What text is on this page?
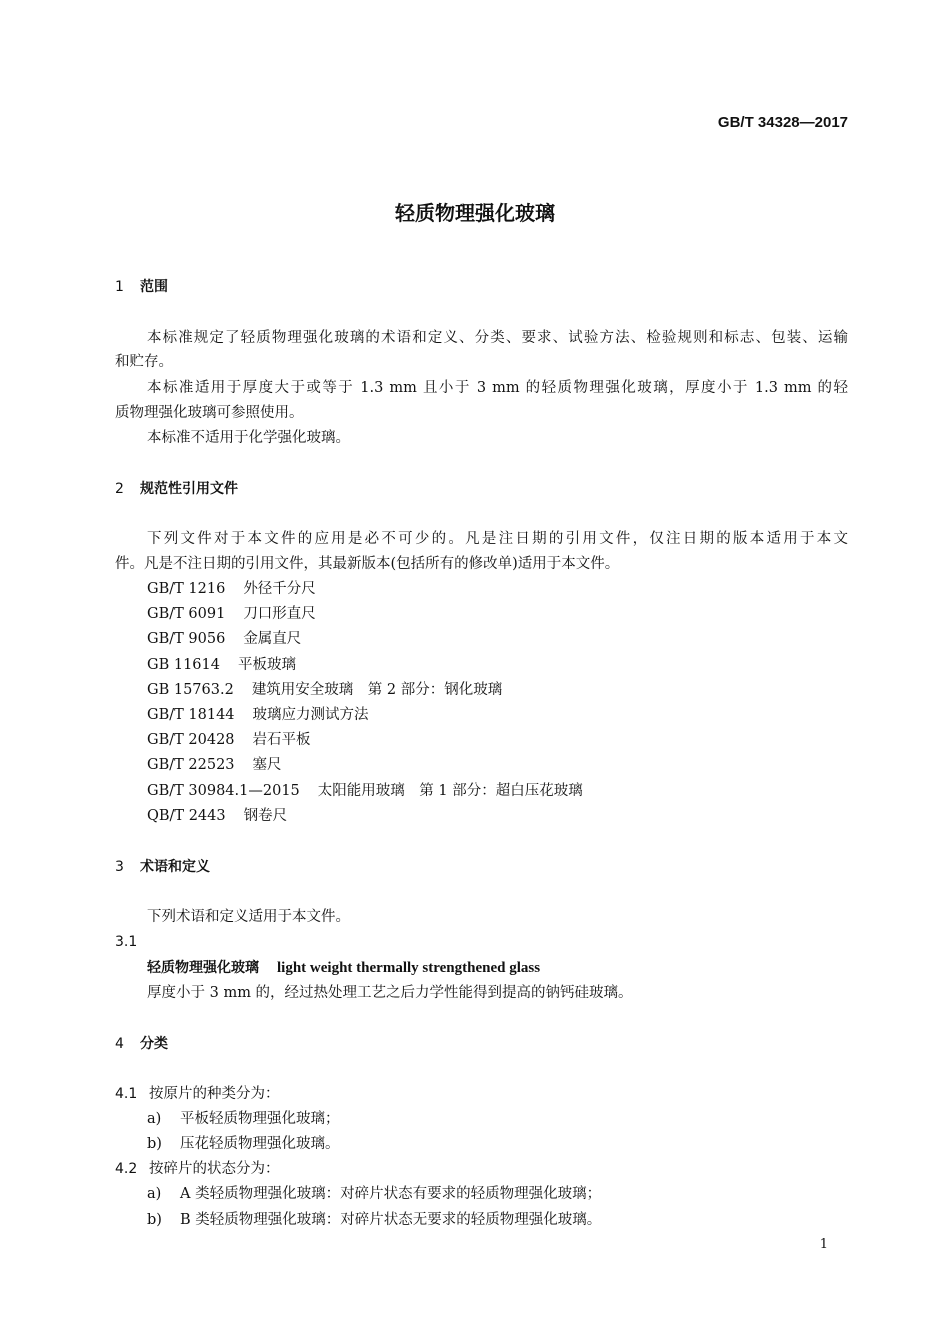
GB/T 34328—2017
轻质物理强化玻璃
1 范围
本标准规定了轻质物理强化玻璃的术语和定义、分类、要求、试验方法、检验规则和标志、包装、运输
和贮存。
本标准适用于厚度大于或等于 1.3 mm 且小于 3 mm 的轻质物理强化玻璃，厚度小于 1.3 mm 的轻
质物理强化玻璃可参照使用。
本标准不适用于化学强化玻璃。
2 规范性引用文件
下列文件对于本文件的应用是必不可少的。凡是注日期的引用文件，仅注日期的版本适用于本文
件。凡是不注日期的引用文件，其最新版本(包括所有的修改单)适用于本文件。
GB/T 1216 外径千分尺
GB/T 6091 刀口形直尺
GB/T 9056 金属直尺
GB 11614 平板玻璃
GB 15763.2 建筑用安全玻璃　第 2 部分：钢化玻璃
GB/T 18144 玻璃应力测试方法
GB/T 20428 岩石平板
GB/T 22523 塞尺
GB/T 30984.1—2015 太阳能用玻璃　第 1 部分：超白压花玻璃
QB/T 2443 钢卷尺
3 术语和定义
下列术语和定义适用于本文件。
3.1
轻质物理强化玻璃 light weight thermally strengthened glass
厚度小于 3 mm 的，经过热处理工艺之后力学性能得到提高的钠钙硅玻璃。
4 分类
4.1 按原片的种类分为：
a) 平板轻质物理强化玻璃；
b) 压花轻质物理强化玻璃。
4.2 按碎片的状态分为：
a) A 类轻质物理强化玻璃：对碎片状态有要求的轻质物理强化玻璃；
b) B 类轻质物理强化玻璃：对碎片状态无要求的轻质物理强化玻璃。
1
